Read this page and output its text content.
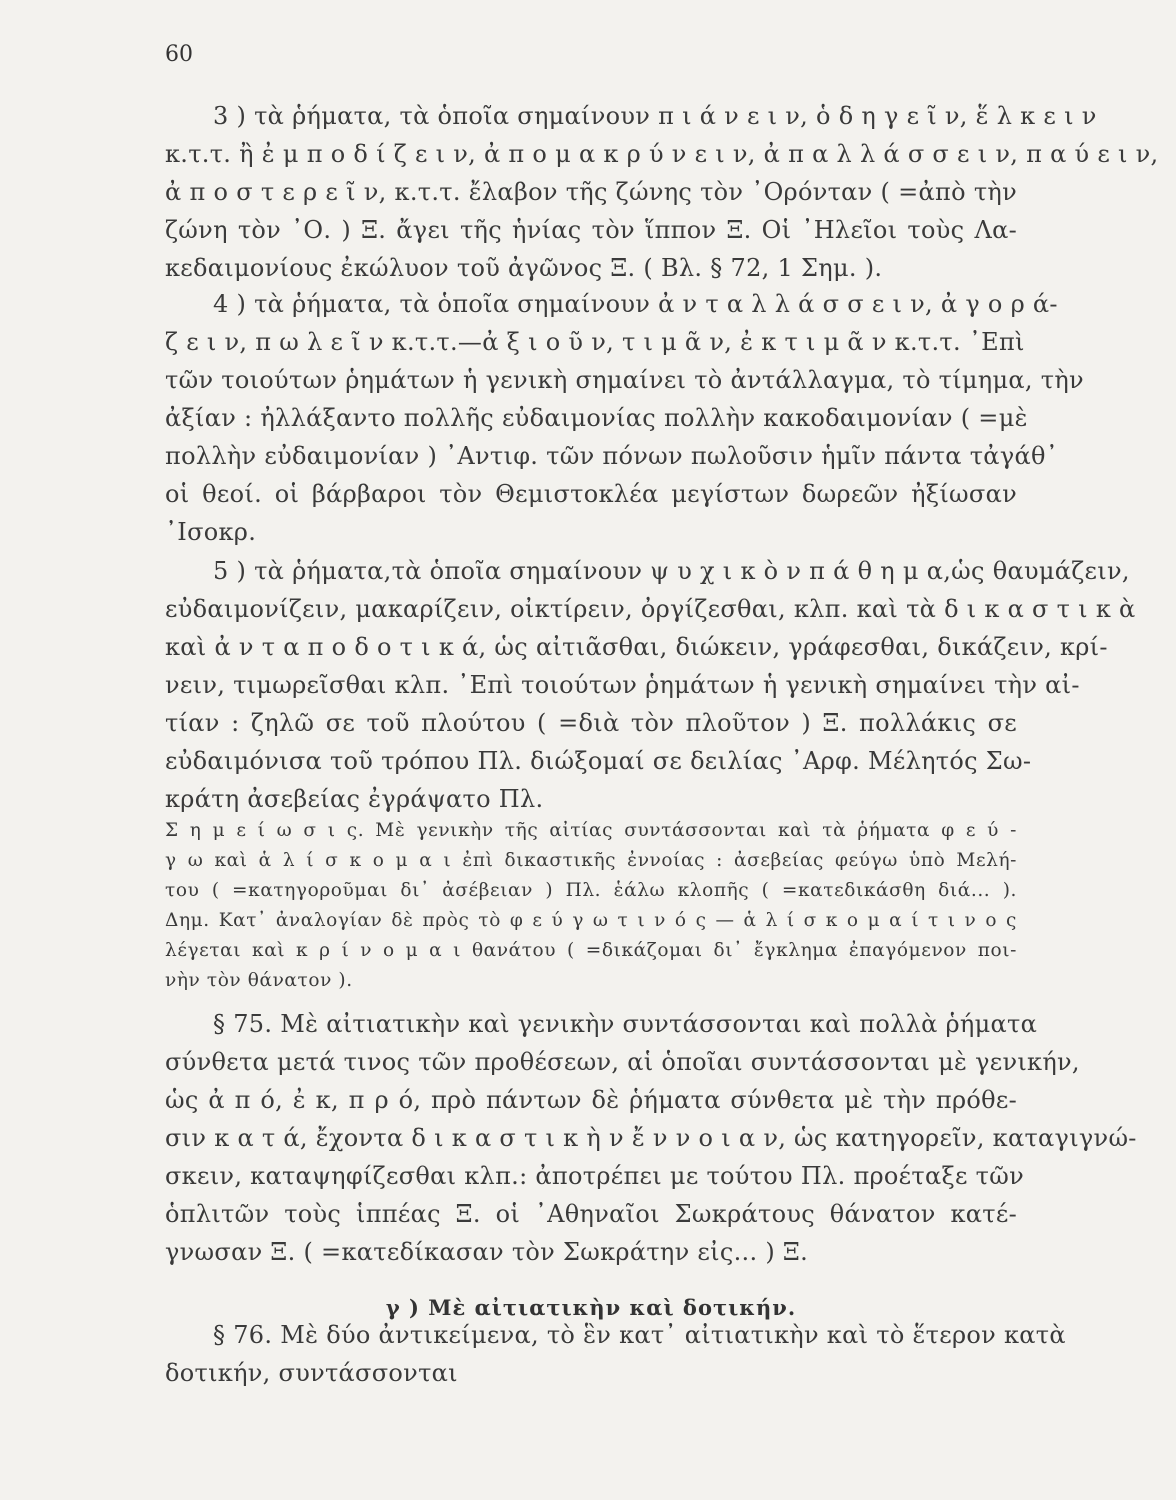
60
3 ) τὰ ῥήματα, τὰ ὁποῖα σημαίνουν π ι ά ν ε ι ν, ὁ δ η γ ε ῖ ν, ἕ λ κ ε ι ν
κ.τ.τ. ἢ ἐ μ π ο δ ί ζ ε ι ν, ἀ π ο μ α κ ρ ύ ν ε ι ν, ἀ π α λ λ ά σ σ ε ι ν, π α ύ ε ι ν,
ἀ π ο σ τ ε ρ ε ῖ ν, κ.τ.τ. ἔλαβον τῆς ζώνης τὸν ᾿Ορόνταν ( =ἀπὸ τὴν
ζώνη τὸν ᾿Ο. ) Ξ. ἄγει τῆς ἡνίας τὸν ἵππον Ξ. Οἱ ᾿Ηλεῖοι τοὺς Λα-
κεδαιμονίους ἐκώλυον τοῦ ἀγῶνος Ξ. ( Βλ. § 72, 1 Σημ. ).
4 ) τὰ ῥήματα, τὰ ὁποῖα σημαίνουν ἀ ν τ α λ λ ά σ σ ε ι ν, ἀ γ ο ρ ά-
ζ ε ι ν, π ω λ ε ῖ ν κ.τ.τ.—ἀ ξ ι ο ῦ ν, τ ι μ ᾶ ν, ἐ κ τ ι μ ᾶ ν κ.τ.τ. ᾿Επὶ
τῶν τοιούτων ῥημάτων ἡ γενικὴ σημαίνει τὸ ἀντάλλαγμα, τὸ τίμημα, τὴν
ἀξίαν : ἠλλάξαντο πολλῆς εὐδαιμονίας πολλὴν κακοδαιμονίαν ( =μὲ
πολλὴν εὐδαιμονίαν ) ᾿Αντιφ. τῶν πόνων πωλοῦσιν ἡμῖν πάντα τἀγάθ᾿
οἱ θεοί. οἱ βάρβαροι τὸν Θεμιστοκλέα μεγίστων δωρεῶν ἠξίωσαν
᾿Ισοκρ.
5 ) τὰ ῥήματα,τὰ ὁποῖα σημαίνουν ψ υ χ ι κ ὸ ν π ά θ η μ α,ὡς θαυμάζειν,
εὐδαιμονίζειν, μακαρίζειν, οἰκτίρειν, ὀργίζεσθαι, κλπ. καὶ τὰ δ ι κ α σ τ ι κ ὰ
καὶ ἀ ν τ α π ο δ ο τ ι κ ά, ὡς αἰτιᾶσθαι, διώκειν, γράφεσθαι, δικάζειν, κρί-
νειν, τιμωρεῖσθαι κλπ. ᾿Επὶ τοιούτων ῥημάτων ἡ γενικὴ σημαίνει τὴν αἰ-
τίαν : ζηλῶ σε τοῦ πλούτου ( =διὰ τὸν πλοῦτον ) Ξ. πολλάκις σε
εὐδαιμόνισα τοῦ τρόπου Πλ. διώξομαί σε δειλίας ᾿Αρφ. Μέλητός Σω-
κράτη ἀσεβείας ἐγράψατο Πλ.
Σ η μ ε ί ω σ ι ς. Μὲ γενικὴν τῆς αἰτίας συντάσσονται καὶ τὰ ῥήματα φ ε ύ -
γ ω καὶ ἁ λ ί σ κ ο μ α ι ἐπὶ δικαστικῆς ἐννοίας : ἀσεβείας φεύγω ὑπὸ Μελή-
του ( =κατηγοροῦμαι δι᾿ ἀσέβειαν ) Πλ. ἑάλω κλοπῆς ( =κατεδικάσθη διά... ).
Δημ. Κατ᾿ ἀναλογίαν δὲ πρὸς τὸ φ ε ύ γ ω τ ι ν ό ς — ἁ λ ί σ κ ο μ α ί τ ι ν ο ς
λέγεται καὶ κ ρ ί ν ο μ α ι θανάτου ( =δικάζομαι δι᾿ ἔγκλημα ἐπαγόμενον ποι-
νὴν τὸν θάνατον ).
§ 75. Μὲ αἰτιατικὴν καὶ γενικὴν συντάσσονται καὶ πολλὰ ῥήματα
σύνθετα μετά τινος τῶν προθέσεων, αἱ ὁποῖαι συντάσσονται μὲ γενικήν,
ὡς ἀ π ό, ἐ κ, π ρ ό, πρὸ πάντων δὲ ῥήματα σύνθετα μὲ τὴν πρόθε-
σιν κ α τ ά, ἔχοντα δ ι κ α σ τ ι κ ὴ ν ἔ ν ν ο ι α ν, ὡς κατηγορεῖν, καταγιγνώ-
σκειν, καταψηφίζεσθαι κλπ.: ἀποτρέπει με τούτου Πλ. προέταξε τῶν
ὁπλιτῶν τοὺς ἱππέας Ξ. οἱ ᾿Αθηναῖοι Σωκράτους θάνατον κατέ-
γνωσαν Ξ. ( =κατεδίκασαν τὸν Σωκράτην εἰς... ) Ξ.
γ ) Μὲ αἰτιατικὴν καὶ δοτικήν.
§ 76. Μὲ δύο ἀντικείμενα, τὸ ἓν κατ᾿ αἰτιατικὴν καὶ τὸ ἕτερον κατὰ
δοτικήν, συντάσσονται
